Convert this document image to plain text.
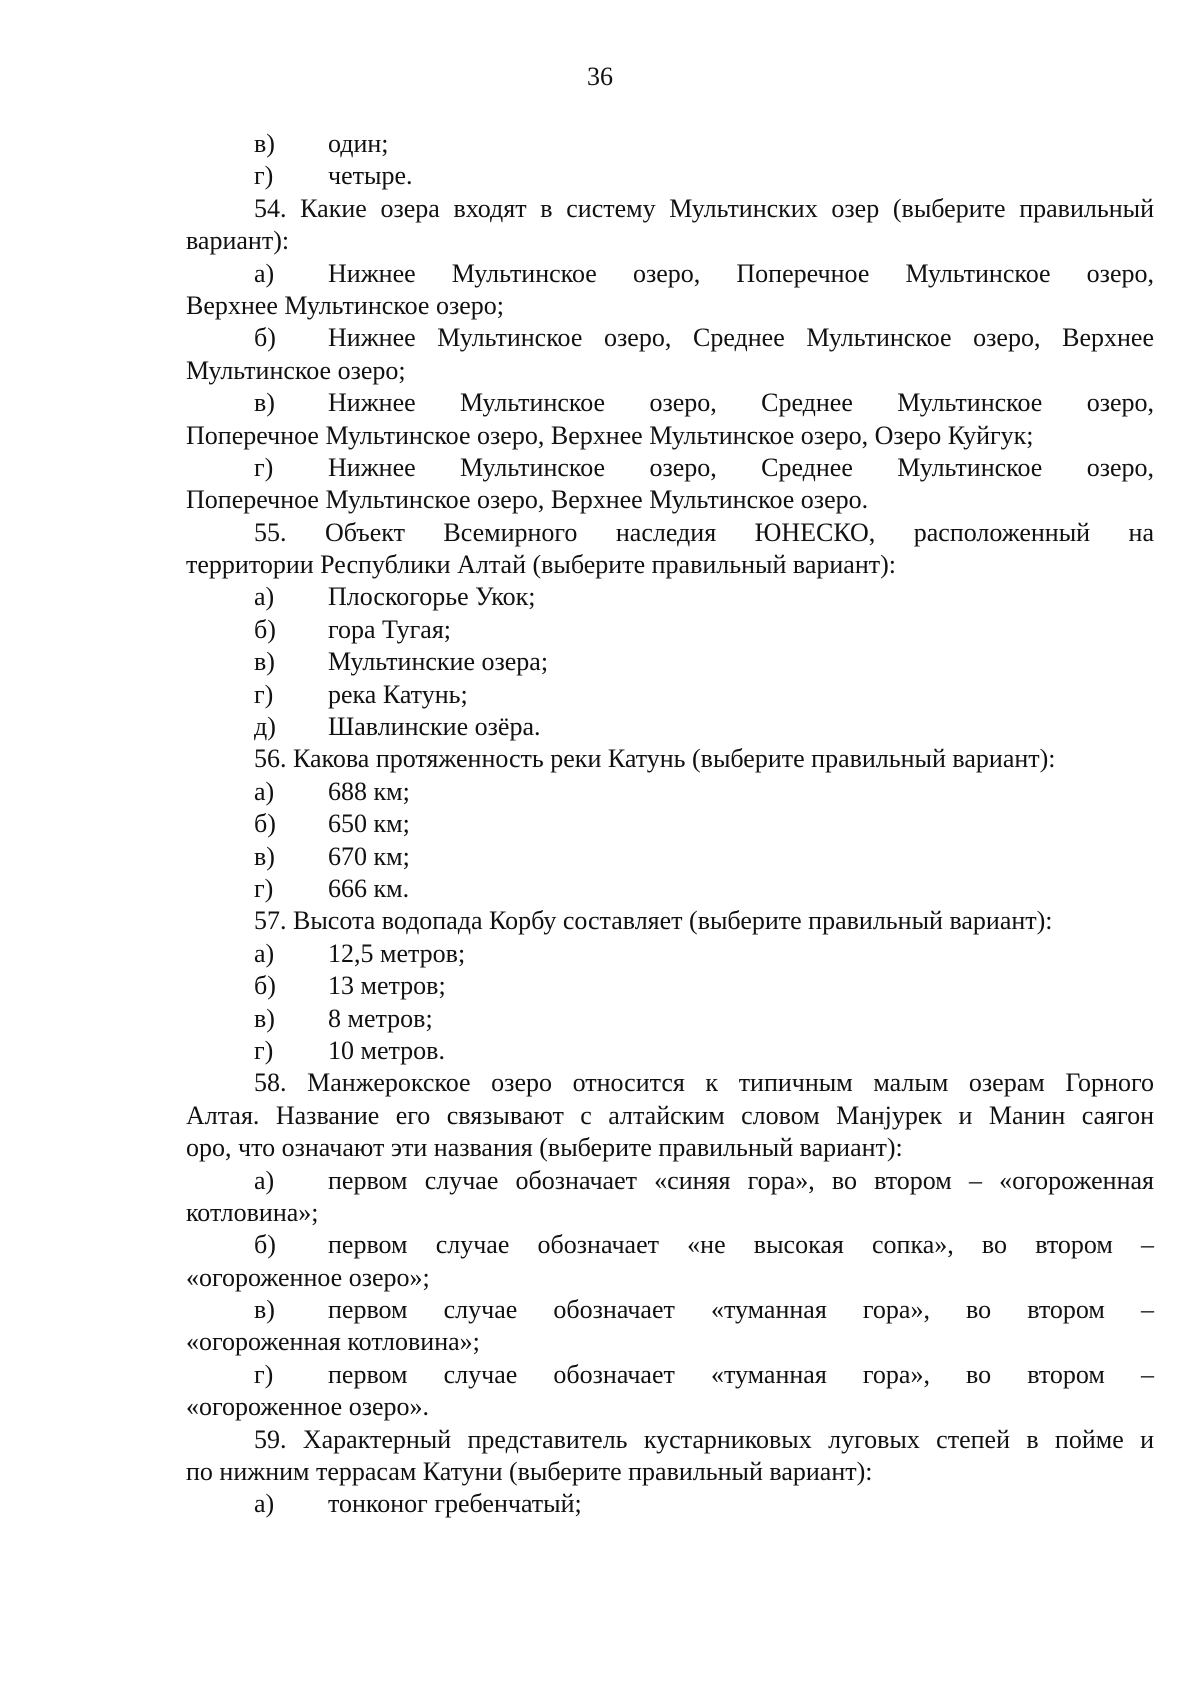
36
в) один;
г) четыре.
54. Какие озера входят в систему Мультинских озер (выберите правильный
вариант):
а) Нижнее Мультинское озеро, Поперечное Мультинское озеро,
Верхнее Мультинское озеро;
б) Нижнее Мультинское озеро, Среднее Мультинское озеро, Верхнее
Мультинское озеро;
в) Нижнее Мультинское озеро, Среднее Мультинское озеро,
Поперечное Мультинское озеро, Верхнее Мультинское озеро, Озеро Куйгук;
г) Нижнее Мультинское озеро, Среднее Мультинское озеро,
Поперечное Мультинское озеро, Верхнее Мультинское озеро.
55. Объект Всемирного наследия ЮНЕСКО, расположенный на
территории Республики Алтай (выберите правильный вариант):
а) Плоскогорье Укок;
б) гора Тугая;
в) Мультинские озера;
г) река Катунь;
д) Шавлинские озёра.
56. Какова протяженность реки Катунь (выберите правильный вариант):
а) 688 км;
б) 650 км;
в) 670 км;
г) 666 км.
57. Высота водопада Корбу составляет (выберите правильный вариант):
а) 12,5 метров;
б) 13 метров;
в) 8 метров;
г) 10 метров.
58. Манжерокское озеро относится к типичным малым озерам Горного
Алтая. Название его связывают с алтайским словом Манјурек и Манин саягон
оро, что означают эти названия (выберите правильный вариант):
а) первом случае обозначает «синяя гора», во втором – «огороженная
котловина»;
б) первом случае обозначает «не высокая сопка», во втором –
«огороженное озеро»;
в) первом случае обозначает «туманная гора», во втором –
«огороженная котловина»;
г) первом случае обозначает «туманная гора», во втором –
«огороженное озеро».
59. Характерный представитель кустарниковых луговых степей в пойме и
по нижним террасам Катуни (выберите правильный вариант):
а) тонконог гребенчатый;
